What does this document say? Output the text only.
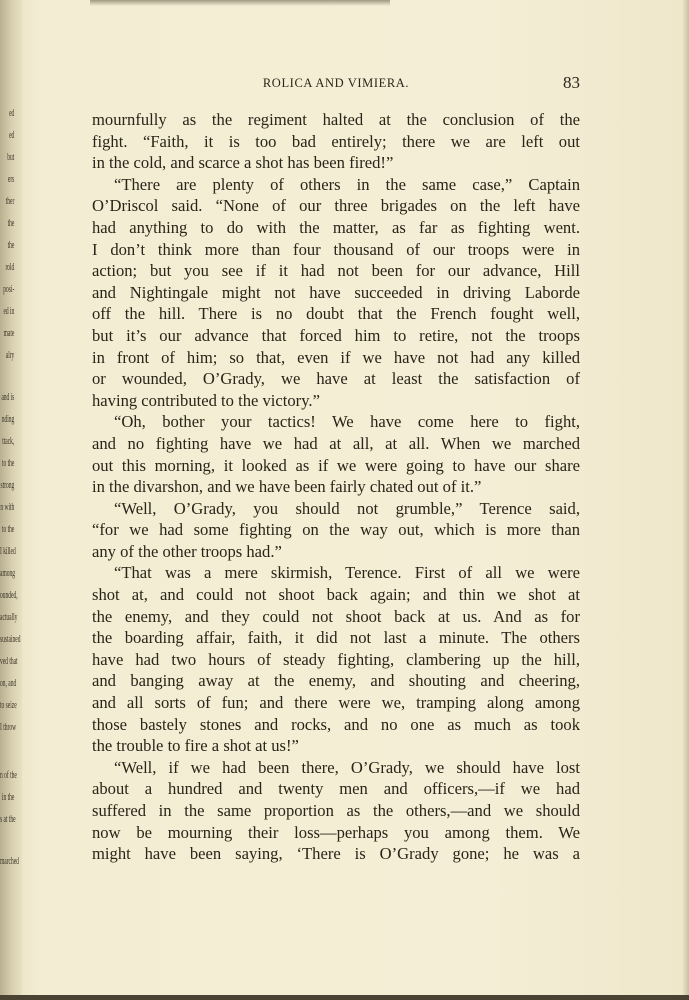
ed
ed
but
ers
ther
the
the
rold
posi-
ed in
mate
alry
and is
nding
ttack,
to the
strong
n with
to the
I killed
among
ounded,
actually
sustained
ved that
on, and
to seize
I throw
n of the
in the
s at the
marched
ROLICA AND VIMIERA.	83
mournfully as the regiment halted at the conclusion of the
fight. “Faith, it is too bad entirely; there we are left out
in the cold, and scarce a shot has been fired!”
“There are plenty of others in the same case,” Captain
O’Driscol said. “None of our three brigades on the left have
had anything to do with the matter, as far as fighting went.
I don’t think more than four thousand of our troops were in
action; but you see if it had not been for our advance, Hill
and Nightingale might not have succeeded in driving Laborde
off the hill. There is no doubt that the French fought well,
but it’s our advance that forced him to retire, not the troops
in front of him; so that, even if we have not had any killed
or wounded, O’Grady, we have at least the satisfaction of
having contributed to the victory.”
“Oh, bother your tactics! We have come here to fight,
and no fighting have we had at all, at all. When we marched
out this morning, it looked as if we were going to have our share
in the divarshon, and we have been fairly chated out of it.”
“Well, O’Grady, you should not grumble,” Terence said,
“for we had some fighting on the way out, which is more than
any of the other troops had.”
“That was a mere skirmish, Terence. First of all we were
shot at, and could not shoot back again; and thin we shot at
the enemy, and they could not shoot back at us. And as for
the boarding affair, faith, it did not last a minute. The others
have had two hours of steady fighting, clambering up the hill,
and banging away at the enemy, and shouting and cheering,
and all sorts of fun; and there were we, tramping along among
those bastely stones and rocks, and no one as much as took
the trouble to fire a shot at us!”
“Well, if we had been there, O’Grady, we should have lost
about a hundred and twenty men and officers,—if we had
suffered in the same proportion as the others,—and we should
now be mourning their loss—perhaps you among them. We
might have been saying, ‘There is O’Grady gone; he was a
